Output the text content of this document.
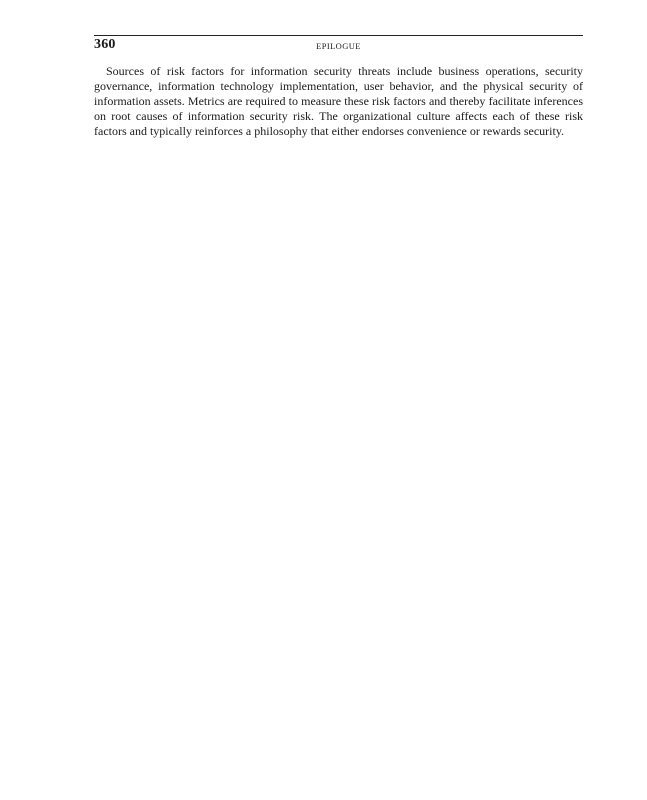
360	EPILOGUE

Sources of risk factors for information security threats include business operations, security governance, information technology implementation, user behavior, and the physical security of information assets. Metrics are required to measure these risk factors and thereby facilitate inferences on root causes of information security risk. The organizational culture affects each of these risk factors and typically reinforces a philosophy that either endorses convenience or rewards security.
